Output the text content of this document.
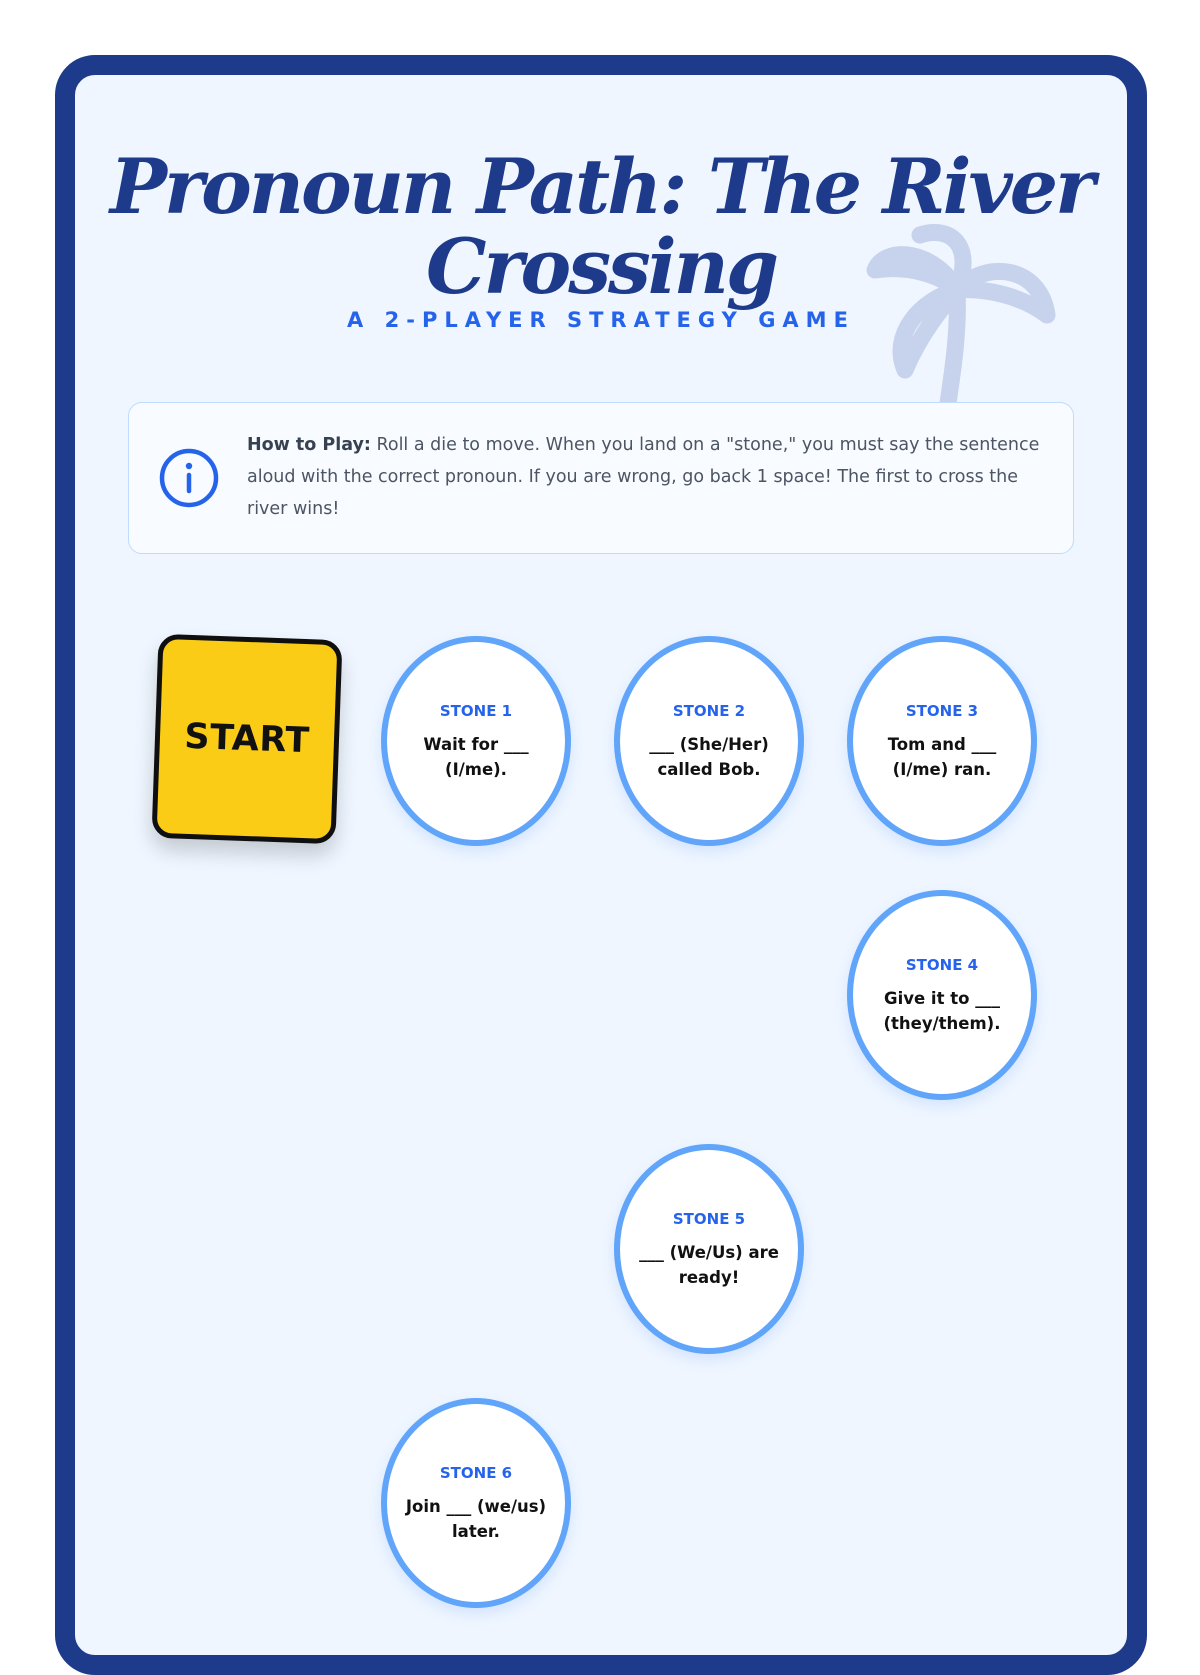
Pronoun Path: The River Crossing
A 2-PLAYER STRATEGY GAME
How to Play: Roll a die to move. When you land on a "stone," you must say the sentence aloud with the correct pronoun. If you are wrong, go back 1 space! The first to cross the river wins!
START
STONE 1
Wait for ___ (I/me).
STONE 2
___ (She/Her) called Bob.
STONE 3
Tom and ___ (I/me) ran.
STONE 4
Give it to ___ (they/them).
STONE 5
___ (We/Us) are ready!
STONE 6
Join ___ (we/us) later.
